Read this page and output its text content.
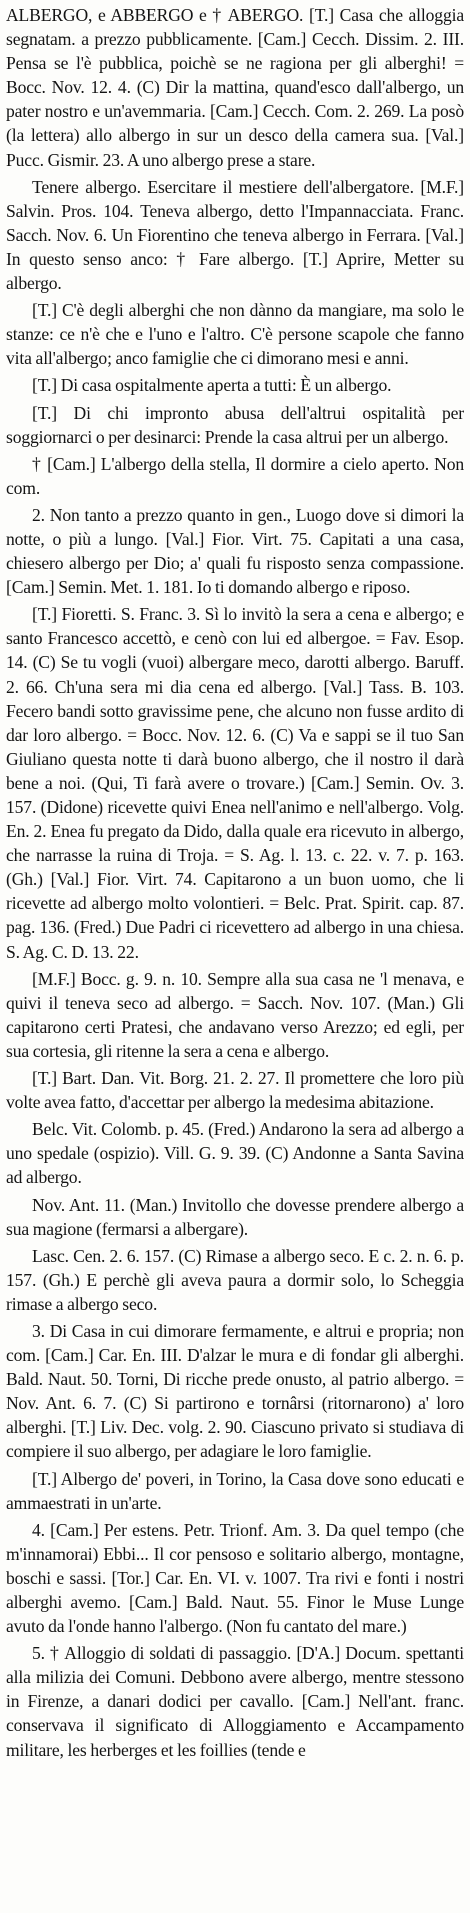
ALBERGO, e ABBERGO e † ABERGO. [T.] Casa che alloggia segnatam. a prezzo pubblicamente. [Cam.] Cecch. Dissim. 2. III. Pensa se l'è pubblica, poichè se ne ragiona per gli alberghi! = Bocc. Nov. 12. 4. (C) Dir la mattina, quand'esco dall'albergo, un pater nostro e un'avemmaria. [Cam.] Cecch. Com. 2. 269. La posò (la lettera) allo albergo in sur un desco della camera sua. [Val.] Pucc. Gismir. 23. A uno albergo prese a stare.

Tenere albergo. Esercitare il mestiere dell'albergatore. [M.F.] Salvin. Pros. 104. Teneva albergo, detto l'Impannacciata. Franc. Sacch. Nov. 6. Un Fiorentino che teneva albergo in Ferrara. [Val.] In questo senso anco: † Fare albergo. [T.] Aprire, Metter su albergo.

[T.] C'è degli alberghi che non dànno da mangiare, ma solo le stanze: ce n'è che e l'uno e l'altro. C'è persone scapole che fanno vita all'albergo; anco famiglie che ci dimorano mesi e anni.

[T.] Di casa ospitalmente aperta a tutti: È un albergo.

[T.] Di chi impronto abusa dell'altrui ospitalità per soggiornarci o per desinarci: Prende la casa altrui per un albergo.

† [Cam.] L'albergo della stella, Il dormire a cielo aperto. Non com.

2. Non tanto a prezzo quanto in gen., Luogo dove si dimori la notte, o più a lungo. [Val.] Fior. Virt. 75. Capitati a una casa, chiesero albergo per Dio; a' quali fu risposto senza compassione. [Cam.] Semin. Met. 1. 181. Io ti domando albergo e riposo.

[T.] Fioretti. S. Franc. 3. Sì lo invitò la sera a cena e albergo; e santo Francesco accettò, e cenò con lui ed albergoe. = Fav. Esop. 14. (C) Se tu vogli (vuoi) albergare meco, darotti albergo. Baruff. 2. 66. Ch'una sera mi dia cena ed albergo. [Val.] Tass. B. 103. Fecero bandi sotto gravissime pene, che alcuno non fusse ardito di dar loro albergo. = Bocc. Nov. 12. 6. (C) Va e sappi se il tuo San Giuliano questa notte ti darà buono albergo, che il nostro il darà bene a noi. (Qui, Ti farà avere o trovare.) [Cam.] Semin. Ov. 3. 157. (Didone) ricevette quivi Enea nell'animo e nell'albergo. Volg. En. 2. Enea fu pregato da Dido, dalla quale era ricevuto in albergo, che narrasse la ruina di Troja. = S. Ag. l. 13. c. 22. v. 7. p. 163. (Gh.) [Val.] Fior. Virt. 74. Capitarono a un buon uomo, che li ricevette ad albergo molto volontieri. = Belc. Prat. Spirit. cap. 87. pag. 136. (Fred.) Due Padri ci ricevettero ad albergo in una chiesa. S. Ag. C. D. 13. 22.

[M.F.] Bocc. g. 9. n. 10. Sempre alla sua casa ne 'l menava, e quivi il teneva seco ad albergo. = Sacch. Nov. 107. (Man.) Gli capitarono certi Pratesi, che andavano verso Arezzo; ed egli, per sua cortesia, gli ritenne la sera a cena e albergo.

[T.] Bart. Dan. Vit. Borg. 21. 2. 27. Il promettere che loro più volte avea fatto, d'accettar per albergo la medesima abitazione.

Belc. Vit. Colomb. p. 45. (Fred.) Andarono la sera ad albergo a uno spedale (ospizio). Vill. G. 9. 39. (C) Andonne a Santa Savina ad albergo.

Nov. Ant. 11. (Man.) Invitollo che dovesse prendere albergo a sua magione (fermarsi a albergare).

Lasc. Cen. 2. 6. 157. (C) Rimase a albergo seco. E c. 2. n. 6. p. 157. (Gh.) E perchè gli aveva paura a dormir solo, lo Scheggia rimase a albergo seco.

3. Di Casa in cui dimorare fermamente, e altrui e propria; non com. [Cam.] Car. En. III. D'alzar le mura e di fondar gli alberghi. Bald. Naut. 50. Torni, Di ricche prede onusto, al patrio albergo. = Nov. Ant. 6. 7. (C) Si partirono e tornârsi (ritornarono) a' loro alberghi. [T.] Liv. Dec. volg. 2. 90. Ciascuno privato si studiava di compiere il suo albergo, per adagiare le loro famiglie.

[T.] Albergo de' poveri, in Torino, la Casa dove sono educati e ammaestrati in un'arte.

4. [Cam.] Per estens. Petr. Trionf. Am. 3. Da quel tempo (che m'innamorai) Ebbi... Il cor pensoso e solitario albergo, montagne, boschi e sassi. [Tor.] Car. En. VI. v. 1007. Tra rivi e fonti i nostri alberghi avemo. [Cam.] Bald. Naut. 55. Finor le Muse Lunge avuto da l'onde hanno l'albergo. (Non fu cantato del mare.)

5. † Alloggio di soldati di passaggio. [D'A.] Docum. spettanti alla milizia dei Comuni. Debbono avere albergo, mentre stessono in Firenze, a danari dodici per cavallo. [Cam.] Nell'ant. franc. conservava il significato di Alloggiamento e Accampamento militare, les herberges et les foillies (tende e
